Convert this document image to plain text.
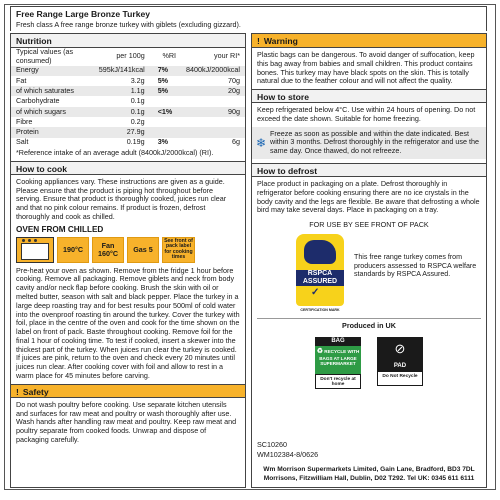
Free Range Large Bronze Turkey
Fresh class A free range bronze turkey with giblets (excluding gizzard).
Nutrition
Typical values (as consumed)	per 100g	%RI	your RI*
Energy	595kJ/141kcal	7%	8400kJ/2000kcal
Fat	3.2g	5%	70g
of which saturates	1.1g	5%	20g
Carbohydrate	0.1g		
of which sugars	0.1g	<1%	90g
Fibre	0.2g		
Protein	27.9g		
Salt	0.19g	3%	6g
*Reference intake of an average adult (8400kJ/2000kcal) (RI).
How to cook
Cooking appliances vary. These instructions are given as a guide. Please ensure that the product is piping hot throughout before serving. Ensure that product is thoroughly cooked, juices run clear and that no pink colour remains. If product is frozen, defrost thoroughly and cook as chilled.
OVEN FROM CHILLED
190°C	Fan 160°C	Gas 5
See front of pack label for cooking times
Pre-heat your oven as shown. Remove from the fridge 1 hour before cooking. Remove all packaging. Remove giblets and neck from body cavity and/or neck flap before cooking. Brush the skin with oil or melted butter, season with salt and black pepper. Place the turkey in a large deep roasting tray and for best results pour 500ml of cold water into the ovenproof roasting tin around the turkey. Cover the turkey with foil, place in the centre of the oven and cook for the time shown on the label on front of pack. Baste throughout cooking. Remove foil for the final 1 hour of cooking time. To test if cooked, insert a skewer into the thickest part of the turkey. When juices run clear the turkey is cooked. If juices are pink, return to the oven and check every 20 minutes until juices run clear. After cooking cover with foil and allow to rest in a warm place for 45 minutes before carving.
! Safety
Do not wash poultry before cooking. Use separate kitchen utensils and surfaces for raw meat and poultry or wash thoroughly after use. Wash hands after handling raw meat and poultry. Keep raw meat and poultry separate from cooked foods. Unwrap and dispose of packaging carefully.
! Warning
Plastic bags can be dangerous. To avoid danger of suffocation, keep this bag away from babies and small children. This product contains bones. This turkey may have black spots on the skin. This is totally natural due to the feather colour and will not affect the quality.
How to store
Keep refrigerated below 4°C. Use within 24 hours of opening. Do not exceed the date shown. Suitable for home freezing.
❄
Freeze as soon as possible and within the date indicated. Best within 3 months. Defrost thoroughly in the refrigerator and use the same day. Once thawed, do not refreeze.
How to defrost
Place product in packaging on a plate. Defrost thoroughly in refrigerator before cooking ensuring there are no ice crystals in the body cavity and the legs are flexible. Be aware that defrosting a whole bird may take several days. Place in packaging on a tray.
FOR USE BY SEE FRONT OF PACK
RSPCA ASSURED
✓
CERTIFICATION MARK
This free range turkey comes from producers assessed to RSPCA welfare standards by RSPCA Assured.
Produced in UK
BAG
♻ RECYCLE WITH BAGS AT LARGE SUPERMARKET
Don't recycle at home
⊘
PAD
Do Not Recycle
SC10260
WM102384-8/0626
Wm Morrison Supermarkets Limited, Gain Lane, Bradford, BD3 7DL
Morrisons, Fitzwilliam Hall, Dublin, D02 T292. Tel UK: 0345 611 6111
